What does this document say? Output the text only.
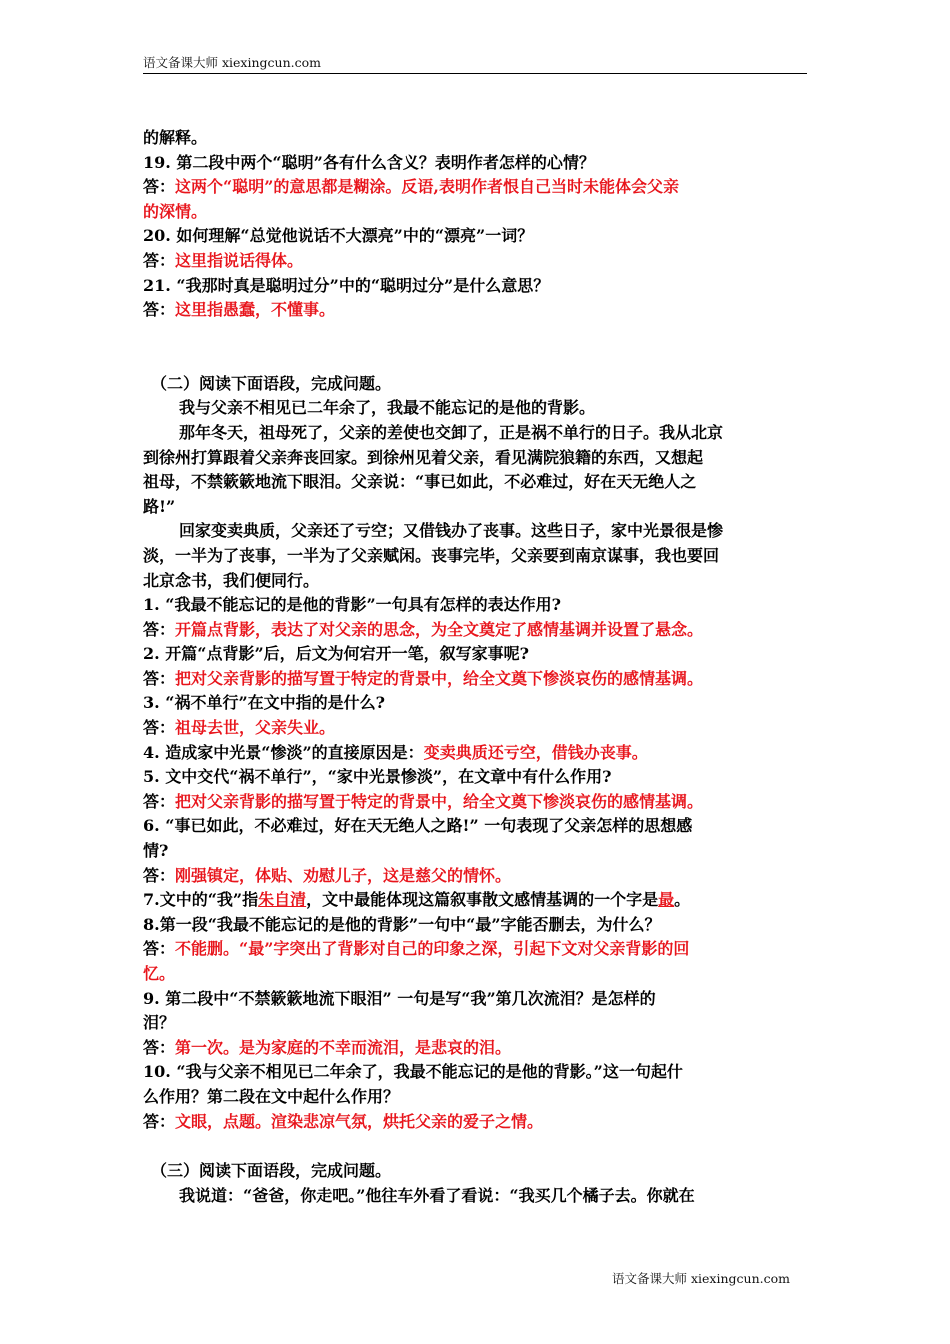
语文备课大师 xiexingcun.com
的解释。
19. 第二段中两个“聪明”各有什么含义？表明作者怎样的心情？
答：这两个“聪明”的意思都是糊涂。反语,表明作者恨自己当时未能体会父亲
的深情。
20. 如何理解“总觉他说话不大漂亮”中的“漂亮”一词？
答：这里指说话得体。
21. “我那时真是聪明过分”中的“聪明过分”是什么意思？
答：这里指愚蠢，不懂事。
（二）阅读下面语段，完成问题。
我与父亲不相见已二年余了，我最不能忘记的是他的背影。
那年冬天，祖母死了，父亲的差使也交卸了，正是祸不单行的日子。我从北京
到徐州打算跟着父亲奔丧回家。到徐州见着父亲，看见满院狼籍的东西，又想起
祖母，不禁簌簌地流下眼泪。父亲说：“事已如此，不必难过，好在天无绝人之
路!”
回家变卖典质，父亲还了亏空；又借钱办了丧事。这些日子，家中光景很是惨
淡，一半为了丧事，一半为了父亲赋闲。丧事完毕，父亲要到南京谋事，我也要回
北京念书，我们便同行。
1. “我最不能忘记的是他的背影”一句具有怎样的表达作用?
答：开篇点背影，表达了对父亲的思念，为全文奠定了感情基调并设置了悬念。
2. 开篇“点背影”后，后文为何宕开一笔，叙写家事呢?
答：把对父亲背影的描写置于特定的背景中，给全文奠下惨淡哀伤的感情基调。
3. “祸不单行”在文中指的是什么?
答：祖母去世，父亲失业。
4. 造成家中光景“惨淡”的直接原因是：变卖典质还亏空，借钱办丧事。
5. 文中交代“祸不单行”，“家中光景惨淡”，在文章中有什么作用?
答：把对父亲背影的描写置于特定的背景中，给全文奠下惨淡哀伤的感情基调。
6. “事已如此，不必难过，好在天无绝人之路!” 一句表现了父亲怎样的思想感
情?
答：刚强镇定，体贴、劝慰儿子，这是慈父的情怀。
7.文中的“我”指朱自清，文中最能体现这篇叙事散文感情基调的一个字是最。
8.第一段“我最不能忘记的是他的背影”一句中“最”字能否删去，为什么？
答：不能删。“最”字突出了背影对自己的印象之深，引起下文对父亲背影的回
忆。
9. 第二段中“不禁簌簌地流下眼泪” 一句是写“我”第几次流泪？是怎样的
泪？
答：第一次。是为家庭的不幸而流泪，是悲哀的泪。
10. “我与父亲不相见已二年余了，我最不能忘记的是他的背影。”这一句起什
么作用？第二段在文中起什么作用？
答：文眼，点题。渲染悲凉气氛，烘托父亲的爱子之情。
（三）阅读下面语段，完成问题。
我说道：“爸爸，你走吧。”他往车外看了看说：“我买几个橘子去。你就在
语文备课大师 xiexingcun.com
